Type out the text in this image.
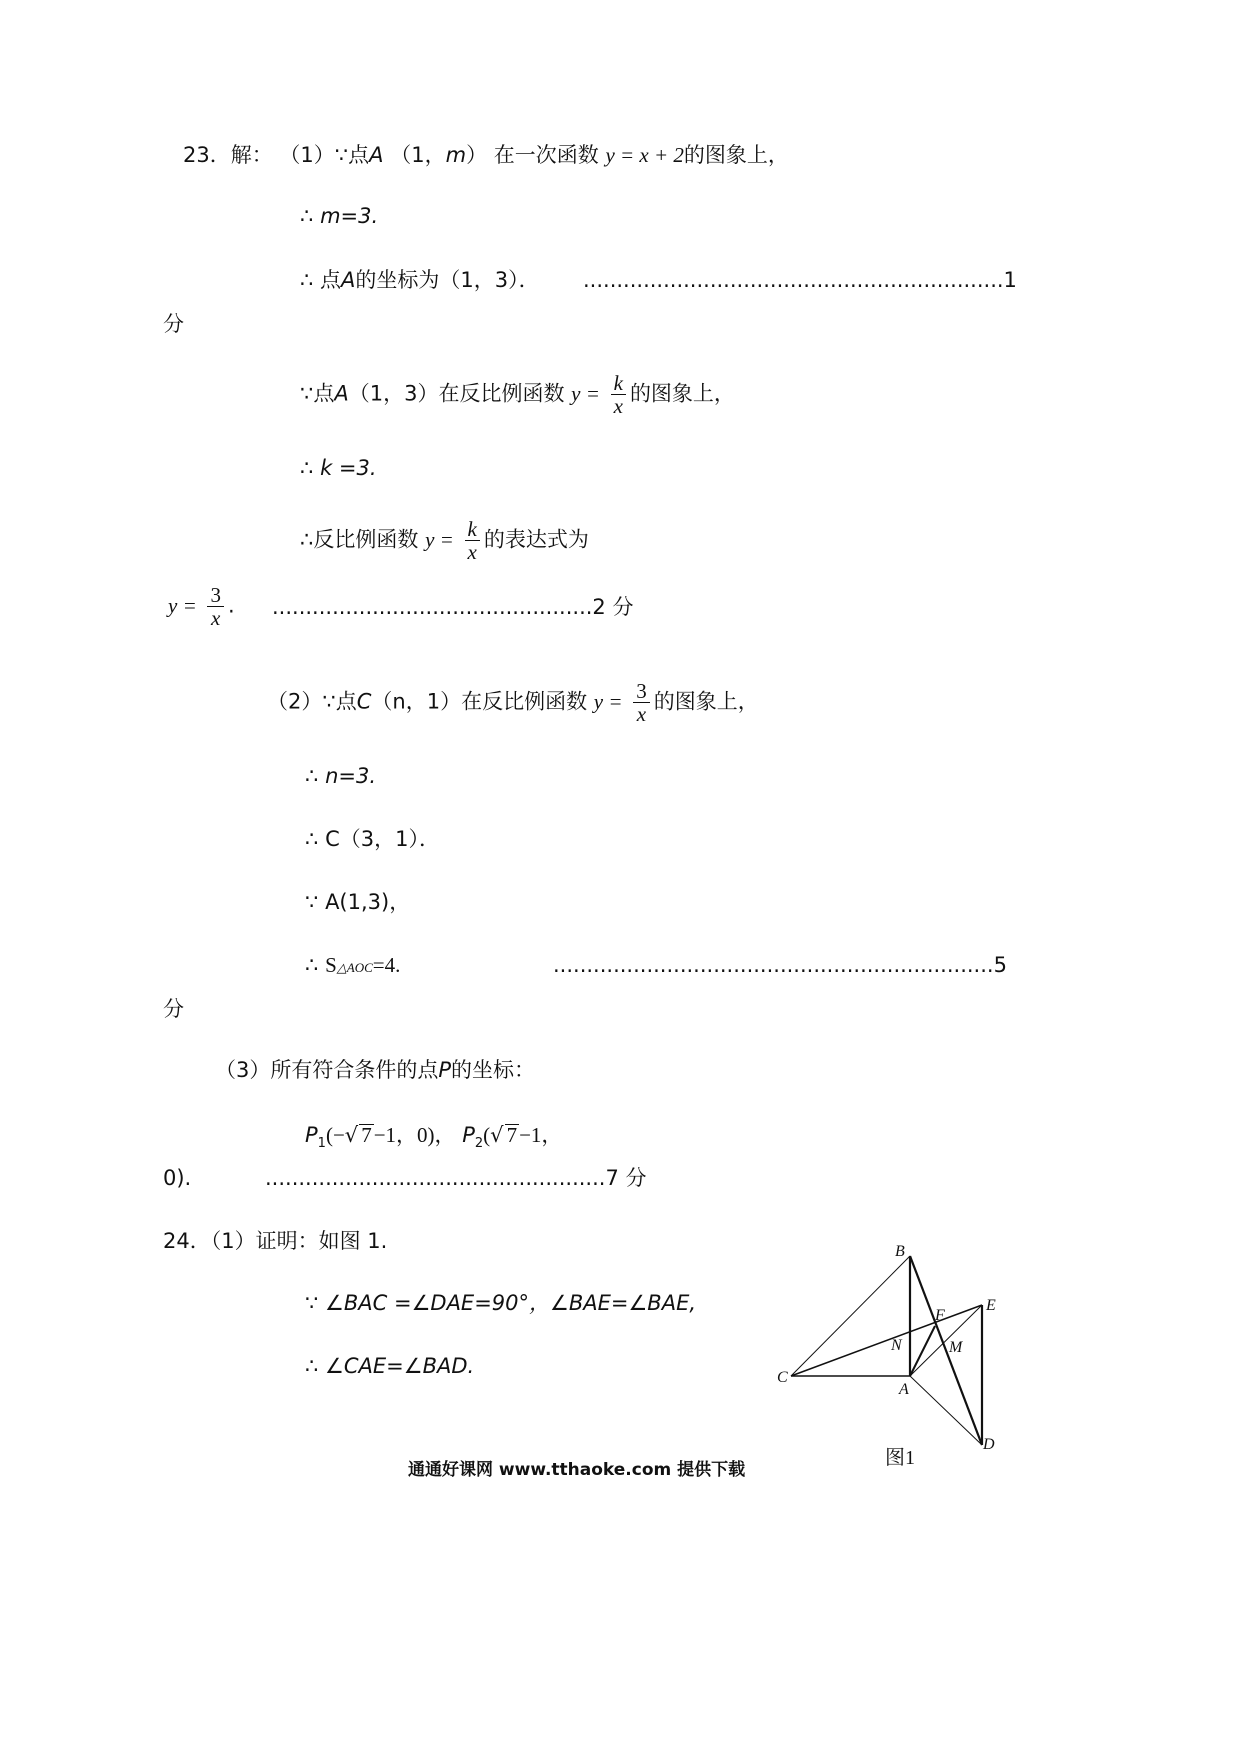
23．解： （1）∵点A （1，m） 在一次函数 y = x + 2的图象上，
∴ m=3.
∴ 点A的坐标为（1，3）． ...............................................................1
分
∵点A（1，3）在反比例函数 $y = \frac{k}{x}$ 的图象上，
∴ k =3.
∴反比例函数 $y = \frac{k}{x}$ 的表达式为
$y = \frac{3}{x}$ . ................................................2 分
（2）∵点C（n，1）在反比例函数 $y = \frac{3}{x}$ 的图象上，
∴ n=3.
∴ C（3，1）．
∵ A(1,3)，
∴ S△AOC=4.	..................................................................5
分
（3）所有符合条件的点P的坐标：
$P_1(-√$ 7−1，0)， $P_2(√$ 7−1，
0).	...................................................7 分
24．（1）证明：如图 1.
∵ ∠BAC =∠DAE=90°，∠BAE=∠BAE,
∴ ∠CAE=∠BAD.
B
E
N
F
M
C
A
D
图1
通通好课网 www.tthaoke.com 提供下载
